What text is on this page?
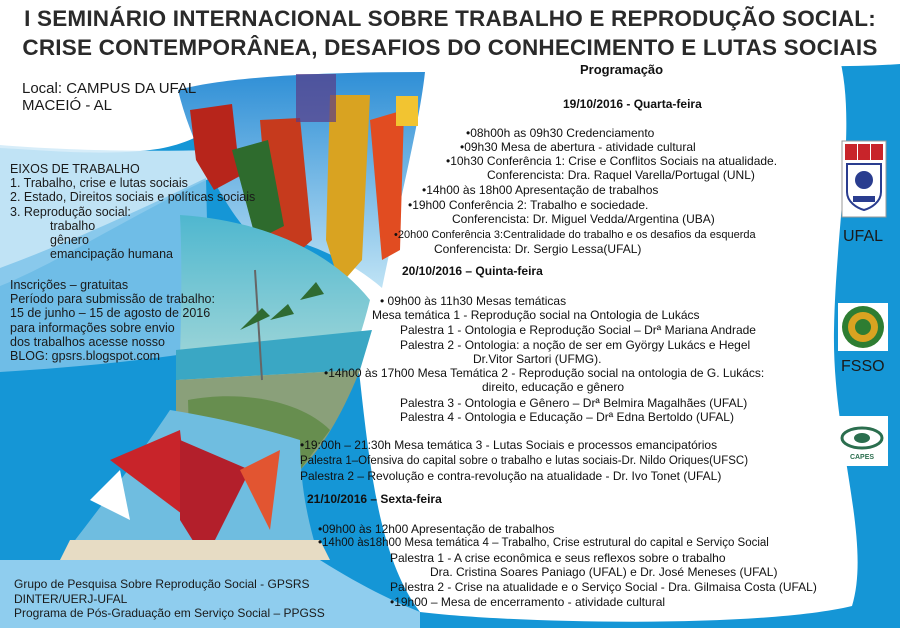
I SEMINÁRIO INTERNACIONAL SOBRE TRABALHO E REPRODUÇÃO SOCIAL:
CRISE CONTEMPORÂNEA, DESAFIOS DO CONHECIMENTO E LUTAS SOCIAIS
Local: CAMPUS DA UFAL
MACEIÓ - AL
EIXOS DE TRABALHO
1. Trabalho, crise e lutas sociais
2. Estado, Direitos sociais e políticas sociais
3. Reprodução social:
trabalho
gênero
emancipação humana
Inscrições – gratuitas
Período para submissão de trabalho:
15 de junho – 15 de agosto de 2016
para informações sobre envio
dos trabalhos acesse nosso
BLOG: gpsrs.blogspot.com
Grupo de Pesquisa Sobre Reprodução Social - GPSRS
DINTER/UERJ-UFAL
Programa de Pós-Graduação em Serviço Social – PPGSS
Programação
19/10/2016 - Quarta-feira
•08h00h as 09h30 Credenciamento
•09h30 Mesa de abertura - atividade cultural
•10h30 Conferência 1: Crise e Conflitos Sociais na atualidade.
Conferencista: Dra. Raquel Varella/Portugal (UNL)
•14h00 às 18h00 Apresentação de trabalhos
•19h00 Conferência 2: Trabalho e sociedade.
Conferencista: Dr. Miguel Vedda/Argentina (UBA)
•20h00 Conferência 3:Centralidade do trabalho e os desafios da esquerda
Conferencista: Dr. Sergio Lessa(UFAL)
20/10/2016 – Quinta-feira
• 09h00 às 11h30 Mesas temáticas
Mesa temática 1 - Reprodução social na Ontologia de Lukács
Palestra 1 - Ontologia e Reprodução Social – Drª Mariana Andrade
Palestra 2 - Ontologia: a noção de ser em György Lukács e Hegel
Dr.Vitor Sartori (UFMG).
•14h00 às 17h00 Mesa Temática 2 - Reprodução social na ontologia de G. Lukács:
direito, educação e gênero
Palestra 3 - Ontologia e Gênero – Drª Belmira Magalhães (UFAL)
Palestra 4 - Ontologia e Educação – Drª Edna Bertoldo (UFAL)
•19:00h – 21:30h Mesa temática 3 - Lutas Sociais e processos emancipatórios
Palestra 1–Ofensiva do capital sobre o trabalho e lutas sociais-Dr. Nildo Oriques(UFSC)
Palestra 2 – Revolução e contra-revolução na atualidade - Dr. Ivo Tonet (UFAL)
21/10/2016 – Sexta-feira
•09h00 às 12h00 Apresentação de trabalhos
•14h00 às18h00 Mesa temática 4 – Trabalho, Crise estrutural do capital e Serviço Social
Palestra 1 - A crise econômica e seus reflexos sobre o trabalho
Dra. Cristina Soares Paniago (UFAL) e Dr. José Meneses (UFAL)
Palestra 2 - Crise na atualidade e o Serviço Social - Dra. Gilmaisa Costa (UFAL)
•19h00 – Mesa de encerramento - atividade cultural
UFAL
FSSO
CAPES
